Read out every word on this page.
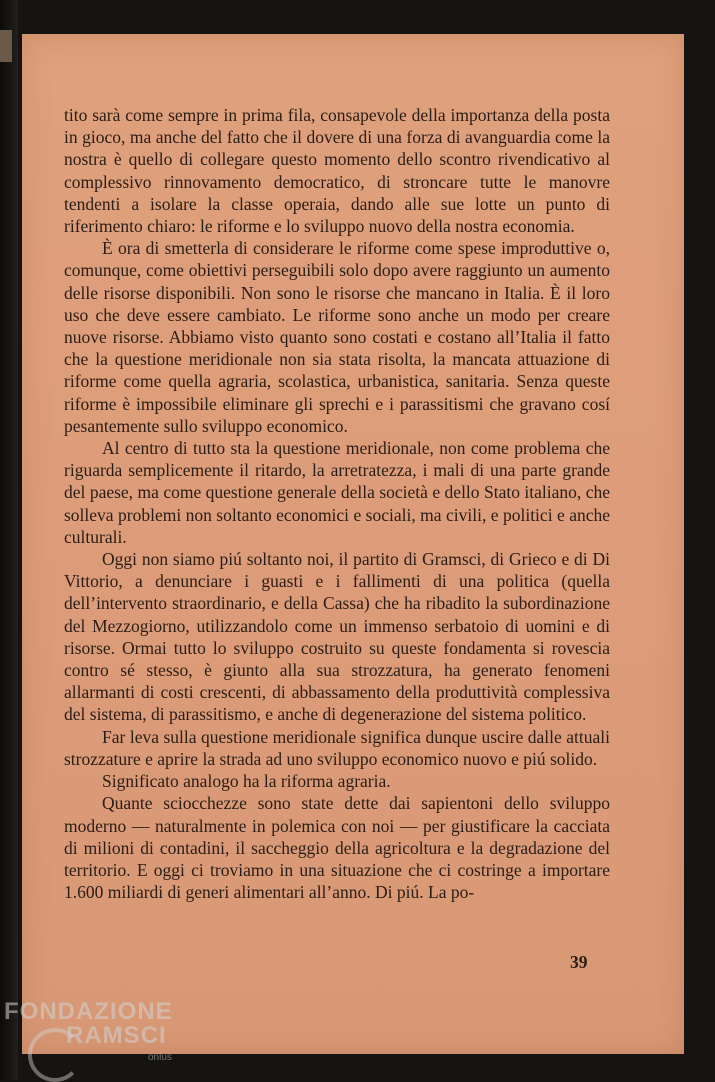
tito sarà come sempre in prima fila, consapevole della importanza della posta in gioco, ma anche del fatto che il dovere di una forza di avanguardia come la nostra è quello di collegare questo momento dello scontro rivendicativo al complessivo rinnovamento democratico, di stroncare tutte le manovre tendenti a isolare la classe operaia, dando alle sue lotte un punto di riferimento chiaro: le riforme e lo sviluppo nuovo della nostra economia.

È ora di smetterla di considerare le riforme come spese improduttive o, comunque, come obiettivi perseguibili solo dopo avere raggiunto un aumento delle risorse disponibili. Non sono le risorse che mancano in Italia. È il loro uso che deve essere cambiato. Le riforme sono anche un modo per creare nuove risorse. Abbiamo visto quanto sono costati e costano all’Italia il fatto che la questione meridionale non sia stata risolta, la mancata attuazione di riforme come quella agraria, scolastica, urbanistica, sanitaria. Senza queste riforme è impossibile eliminare gli sprechi e i parassitismi che gravano cosí pesantemente sullo sviluppo economico.

Al centro di tutto sta la questione meridionale, non come problema che riguarda semplicemente il ritardo, la arretratezza, i mali di una parte grande del paese, ma come questione generale della società e dello Stato italiano, che solleva problemi non soltanto economici e sociali, ma civili, e politici e anche culturali.

Oggi non siamo piú soltanto noi, il partito di Gramsci, di Grieco e di Di Vittorio, a denunciare i guasti e i fallimenti di una politica (quella dell’intervento straordinario, e della Cassa) che ha ribadito la subordinazione del Mezzogiorno, utilizzandolo come un immenso serbatoio di uomini e di risorse. Ormai tutto lo sviluppo costruito su queste fondamenta si rovescia contro sé stesso, è giunto alla sua strozzatura, ha generato fenomeni allarmanti di costi crescenti, di abbassamento della produttività complessiva del sistema, di parassitismo, e anche di degenerazione del sistema politico.

Far leva sulla questione meridionale significa dunque uscire dalle attuali strozzature e aprire la strada ad uno sviluppo economico nuovo e piú solido.

Significato analogo ha la riforma agraria.

Quante sciocchezze sono state dette dai sapientoni dello sviluppo moderno — naturalmente in polemica con noi — per giustificare la cacciata di milioni di contadini, il saccheggio della agricoltura e la degradazione del territorio. E oggi ci troviamo in una situazione che ci costringe a importare 1.600 miliardi di generi alimentari all’anno. Di piú. La po-

39
FONDAZIONE
RAMSCI
onlus
